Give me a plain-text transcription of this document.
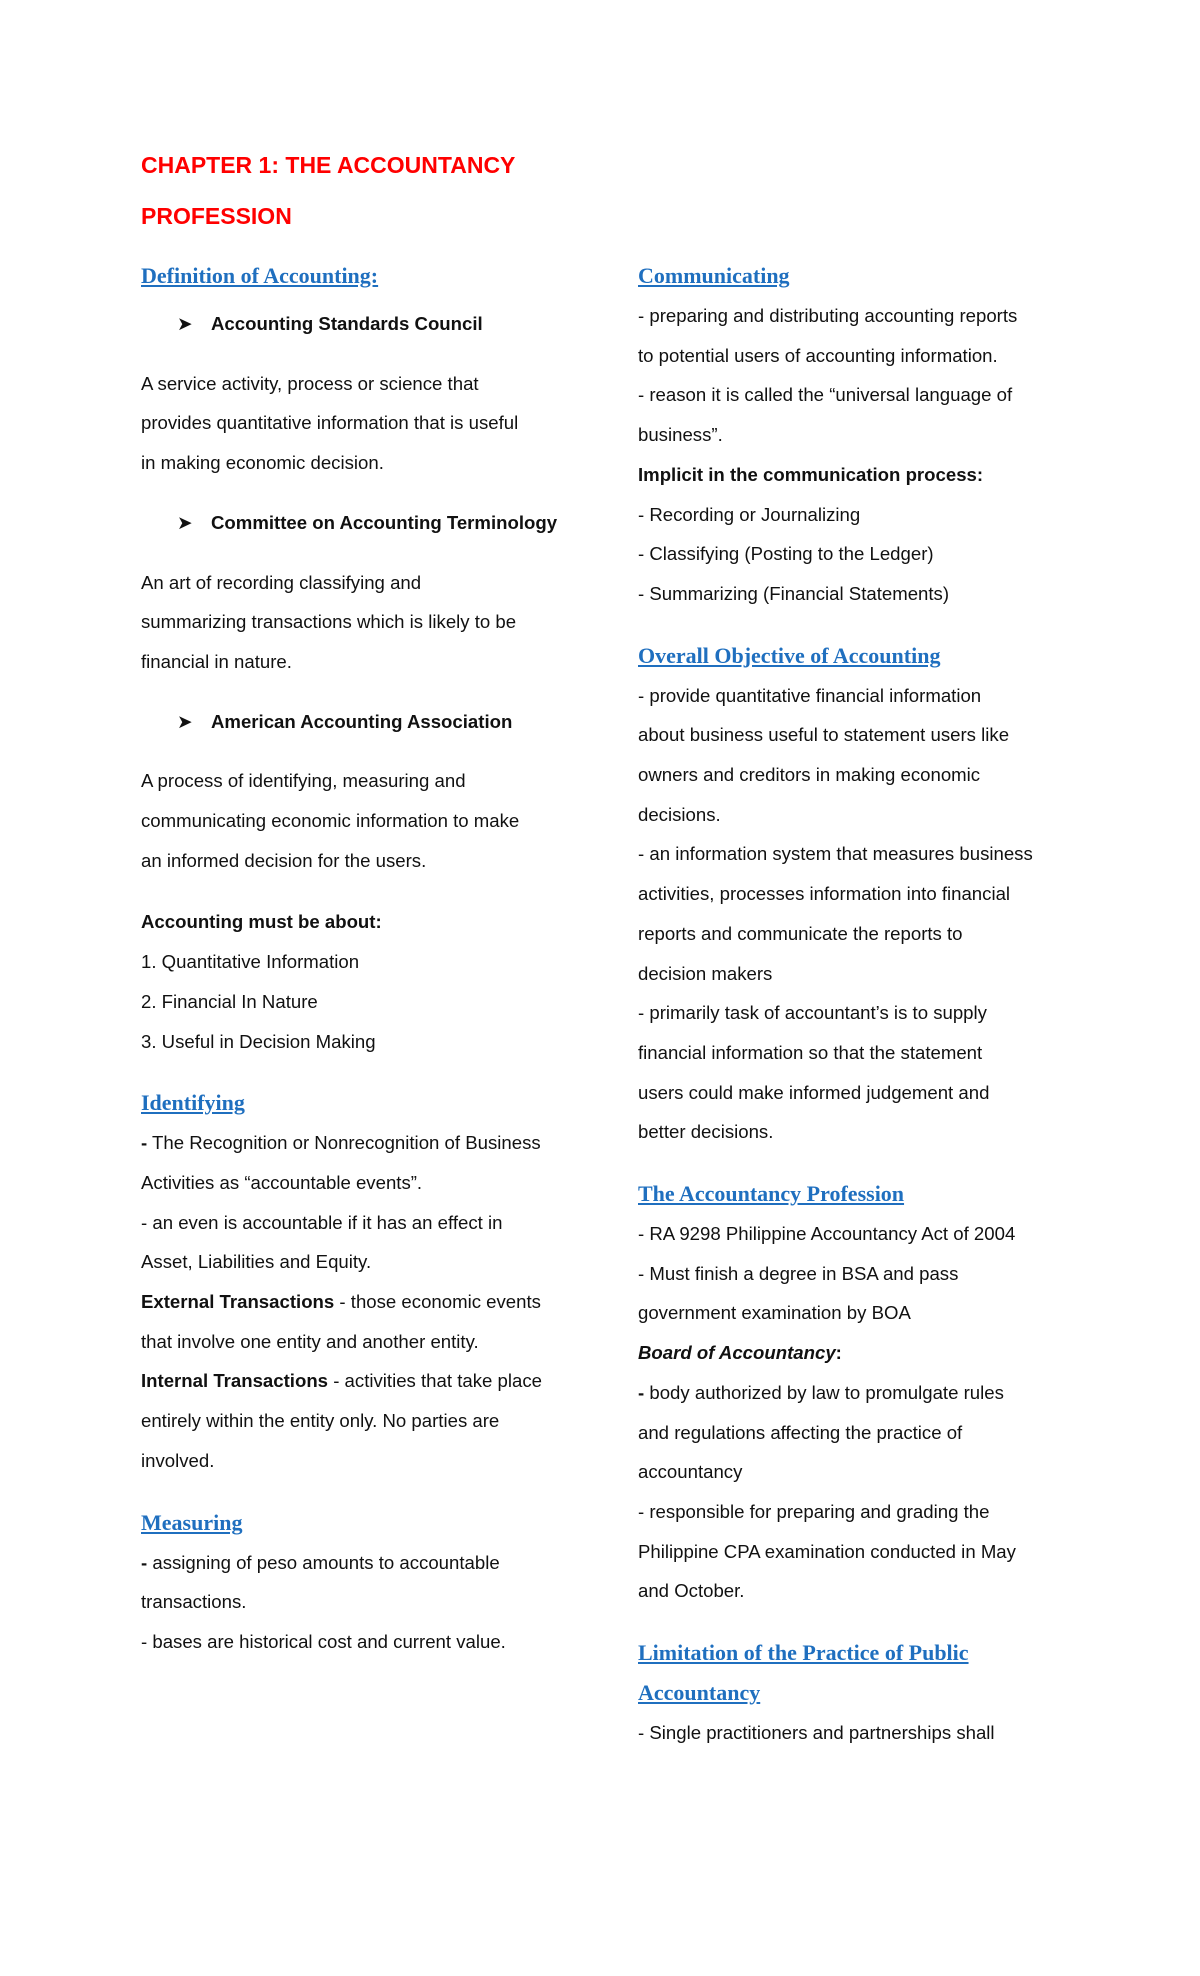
CHAPTER 1: THE ACCOUNTANCY
PROFESSION
Definition of Accounting:
➤ Accounting Standards Council
A service activity, process or science that
provides quantitative information that is useful
in making economic decision.
➤ Committee on Accounting Terminology
An art of recording classifying and
summarizing transactions which is likely to be
financial in nature.
➤ American Accounting Association
A process of identifying, measuring and
communicating economic information to make
an informed decision for the users.
Accounting must be about:
1. Quantitative Information
2. Financial In Nature
3. Useful in Decision Making
Identifying
- The Recognition or Nonrecognition of Business
Activities as “accountable events”.
- an even is accountable if it has an effect in
Asset, Liabilities and Equity.
External Transactions - those economic events
that involve one entity and another entity.
Internal Transactions - activities that take place
entirely within the entity only. No parties are
involved.
Measuring
- assigning of peso amounts to accountable
transactions.
- bases are historical cost and current value.
Communicating
- preparing and distributing accounting reports
to potential users of accounting information.
- reason it is called the “universal language of
business”.
Implicit in the communication process:
- Recording or Journalizing
- Classifying (Posting to the Ledger)
- Summarizing (Financial Statements)
Overall Objective of Accounting
- provide quantitative financial information
about business useful to statement users like
owners and creditors in making economic
decisions.
- an information system that measures business
activities, processes information into financial
reports and communicate the reports to
decision makers
- primarily task of accountant’s is to supply
financial information so that the statement
users could make informed judgement and
better decisions.
The Accountancy Profession
- RA 9298 Philippine Accountancy Act of 2004
- Must finish a degree in BSA and pass
government examination by BOA
Board of Accountancy:
- body authorized by law to promulgate rules
and regulations affecting the practice of
accountancy
- responsible for preparing and grading the
Philippine CPA examination conducted in May
and October.
Limitation of the Practice of Public
Accountancy
- Single practitioners and partnerships shall
